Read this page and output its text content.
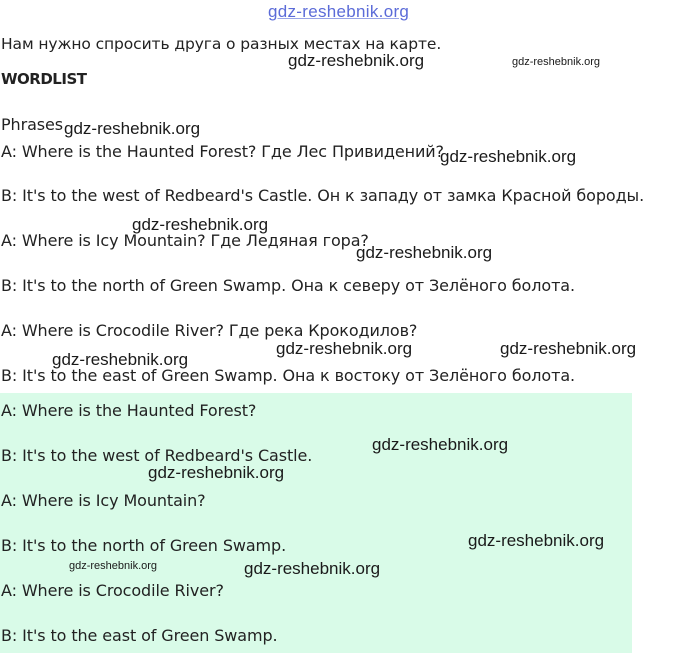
Нам нужно спросить друга о разных местах на карте.
WORDLIST
Phrases
A: Where is the Haunted Forest? Где Лес Привидений?
B: It's to the west of Redbeard's Castle. Он к западу от замка Красной бороды.
A: Where is Icy Mountain? Где Ледяная гора?
B: It's to the north of Green Swamp. Она к северу от Зелёного болота.
A: Where is Crocodile River? Где река Крокодилов?
B: It's to the east of Green Swamp. Она к востоку от Зелёного болота.
A: Where is the Haunted Forest?
B: It's to the west of Redbeard's Castle.
A: Where is Icy Mountain?
B: It's to the north of Green Swamp.
A: Where is Crocodile River?
B: It's to the east of Green Swamp.
gdz-reshebnik.org
gdz-reshebnik.org	gdz-reshebnik.org
gdz-reshebnik.org
gdz-reshebnik.org
gdz-reshebnik.org
gdz-reshebnik.org
gdz-reshebnik.org	gdz-reshebnik.org
gdz-reshebnik.org
gdz-reshebnik.org
gdz-reshebnik.org
gdz-reshebnik.org
gdz-reshebnik.org	gdz-reshebnik.org
